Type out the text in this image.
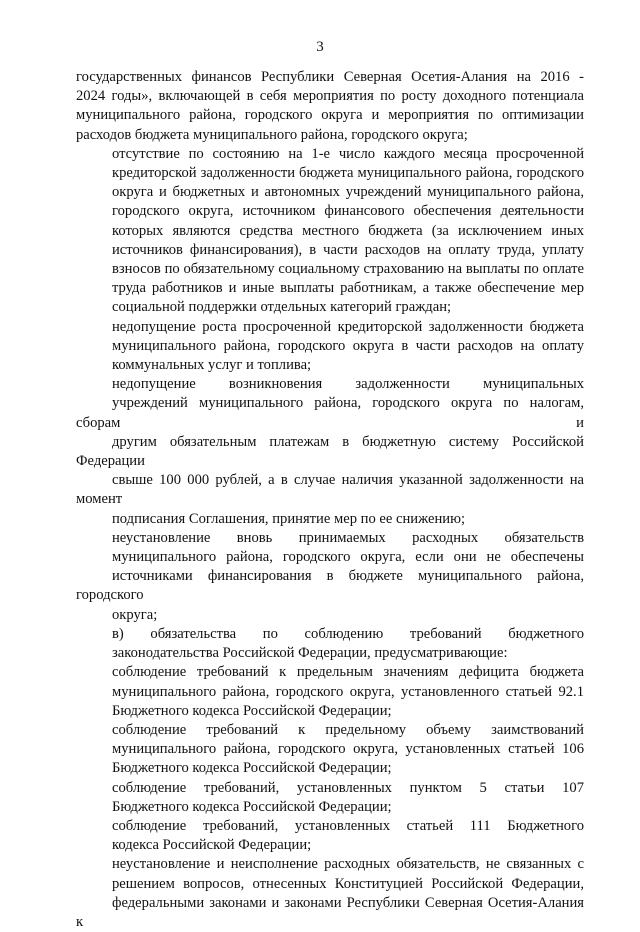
3
государственных финансов Республики Северная Осетия-Алания на 2016 -
2024 годы», включающей в себя мероприятия по росту доходного потенциала
муниципального района, городского округа и мероприятия по оптимизации
расходов бюджета муниципального района, городского округа;
отсутствие по состоянию на 1-е число каждого месяца просроченной
кредиторской задолженности бюджета муниципального района, городского
округа и бюджетных и автономных учреждений муниципального района,
городского округа, источником финансового обеспечения деятельности
которых являются средства местного бюджета (за исключением иных
источников финансирования), в части расходов на оплату труда, уплату
взносов по обязательному социальному страхованию на выплаты по оплате
труда работников и иные выплаты работникам, а также обеспечение мер
социальной поддержки отдельных категорий граждан;
недопущение роста просроченной кредиторской задолженности бюджета
муниципального района, городского округа в части расходов на оплату
коммунальных услуг и топлива;
недопущение возникновения задолженности муниципальных
учреждений муниципального района, городского округа по налогам, сборам и
другим обязательным платежам в бюджетную систему Российской Федерации
свыше 100 000 рублей, а в случае наличия указанной задолженности на момент
подписания Соглашения, принятие мер по ее снижению;
неустановление вновь принимаемых расходных обязательств
муниципального района, городского округа, если они не обеспечены
источниками финансирования в бюджете муниципального района, городского
округа;
в) обязательства по соблюдению требований бюджетного
законодательства Российской Федерации, предусматривающие:
соблюдение требований к предельным значениям дефицита бюджета
муниципального района, городского округа, установленного статьей 92.1
Бюджетного кодекса Российской Федерации;
соблюдение требований к предельному объему заимствований
муниципального района, городского округа, установленных статьей 106
Бюджетного кодекса Российской Федерации;
соблюдение требований, установленных пунктом 5 статьи 107
Бюджетного кодекса Российской Федерации;
соблюдение требований, установленных статьей 111 Бюджетного
кодекса Российской Федерации;
неустановление и неисполнение расходных обязательств, не связанных с
решением вопросов, отнесенных Конституцией Российской Федерации,
федеральными законами и законами Республики Северная Осетия-Алания к
